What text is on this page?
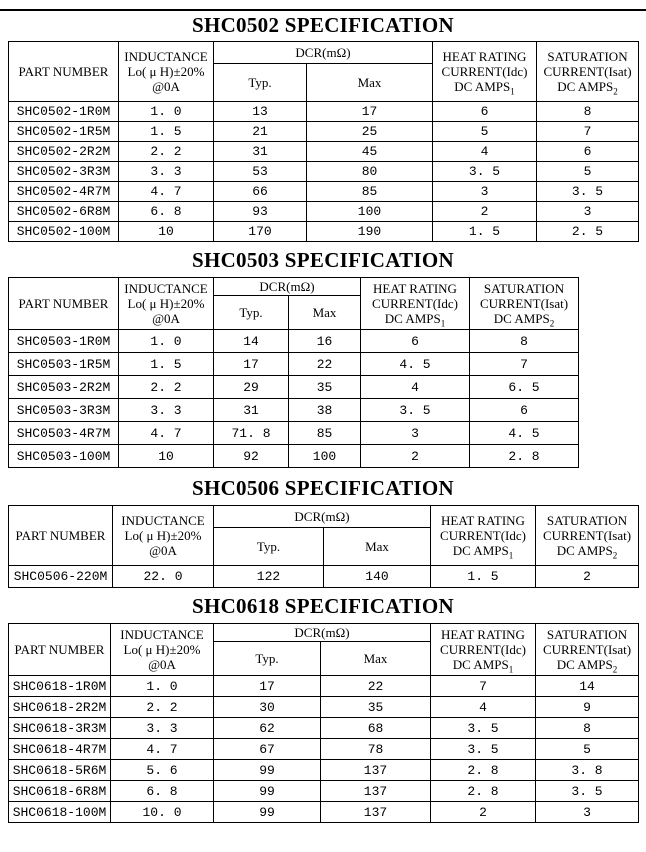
SHC0502 SPECIFICATION
PART NUMBER	INDUCTANCE
Lo( μ H)±20%
@0A	DCR(mΩ)		HEAT RATING
CURRENT(Idc)
DC $AMPS_1$	SATURATION
CURRENT(Isat)
DC $AMPS_2$

		Typ.	Max		
SHC0502-1R0M	1. 0	13	17	6	8
SHC0502-1R5M	1. 5	21	25	5	7
SHC0502-2R2M	2. 2	31	45	4	6
SHC0502-3R3M	3. 3	53	80	3. 5	5
SHC0502-4R7M	4. 7	66	85	3	3. 5
SHC0502-6R8M	6. 8	93	100	2	3
SHC0502-100M	10	170	190	1. 5	2. 5
SHC0503 SPECIFICATION
PART NUMBER	INDUCTANCE
Lo( μ H)±20%
@0A	DCR(mΩ)		HEAT RATING
CURRENT(Idc)
DC $AMPS_1$	SATURATION
CURRENT(Isat)
DC $AMPS_2$

		Typ.	Max		
SHC0503-1R0M	1. 0	14	16	6	8
SHC0503-1R5M	1. 5	17	22	4. 5	7
SHC0503-2R2M	2. 2	29	35	4	6. 5
SHC0503-3R3M	3. 3	31	38	3. 5	6
SHC0503-4R7M	4. 7	71. 8	85	3	4. 5
SHC0503-100M	10	92	100	2	2. 8
SHC0506 SPECIFICATION
PART NUMBER	INDUCTANCE
Lo( μ H)±20%
@0A	DCR(mΩ)		HEAT RATING
CURRENT(Idc)
DC $AMPS_1$	SATURATION
CURRENT(Isat)
DC $AMPS_2$

		Typ.	Max		
SHC0506-220M	22. 0	122	140	1. 5	2
SHC0618 SPECIFICATION
PART NUMBER	INDUCTANCE
Lo( μ H)±20%
@0A	DCR(mΩ)		HEAT RATING
CURRENT(Idc)
DC $AMPS_1$	SATURATION
CURRENT(Isat)
DC $AMPS_2$

		Typ.	Max		
SHC0618-1R0M	1. 0	17	22	7	14
SHC0618-2R2M	2. 2	30	35	4	9
SHC0618-3R3M	3. 3	62	68	3. 5	8
SHC0618-4R7M	4. 7	67	78	3. 5	5
SHC0618-5R6M	5. 6	99	137	2. 8	3. 8
SHC0618-6R8M	6. 8	99	137	2. 8	3. 5
SHC0618-100M	10. 0	99	137	2	3
